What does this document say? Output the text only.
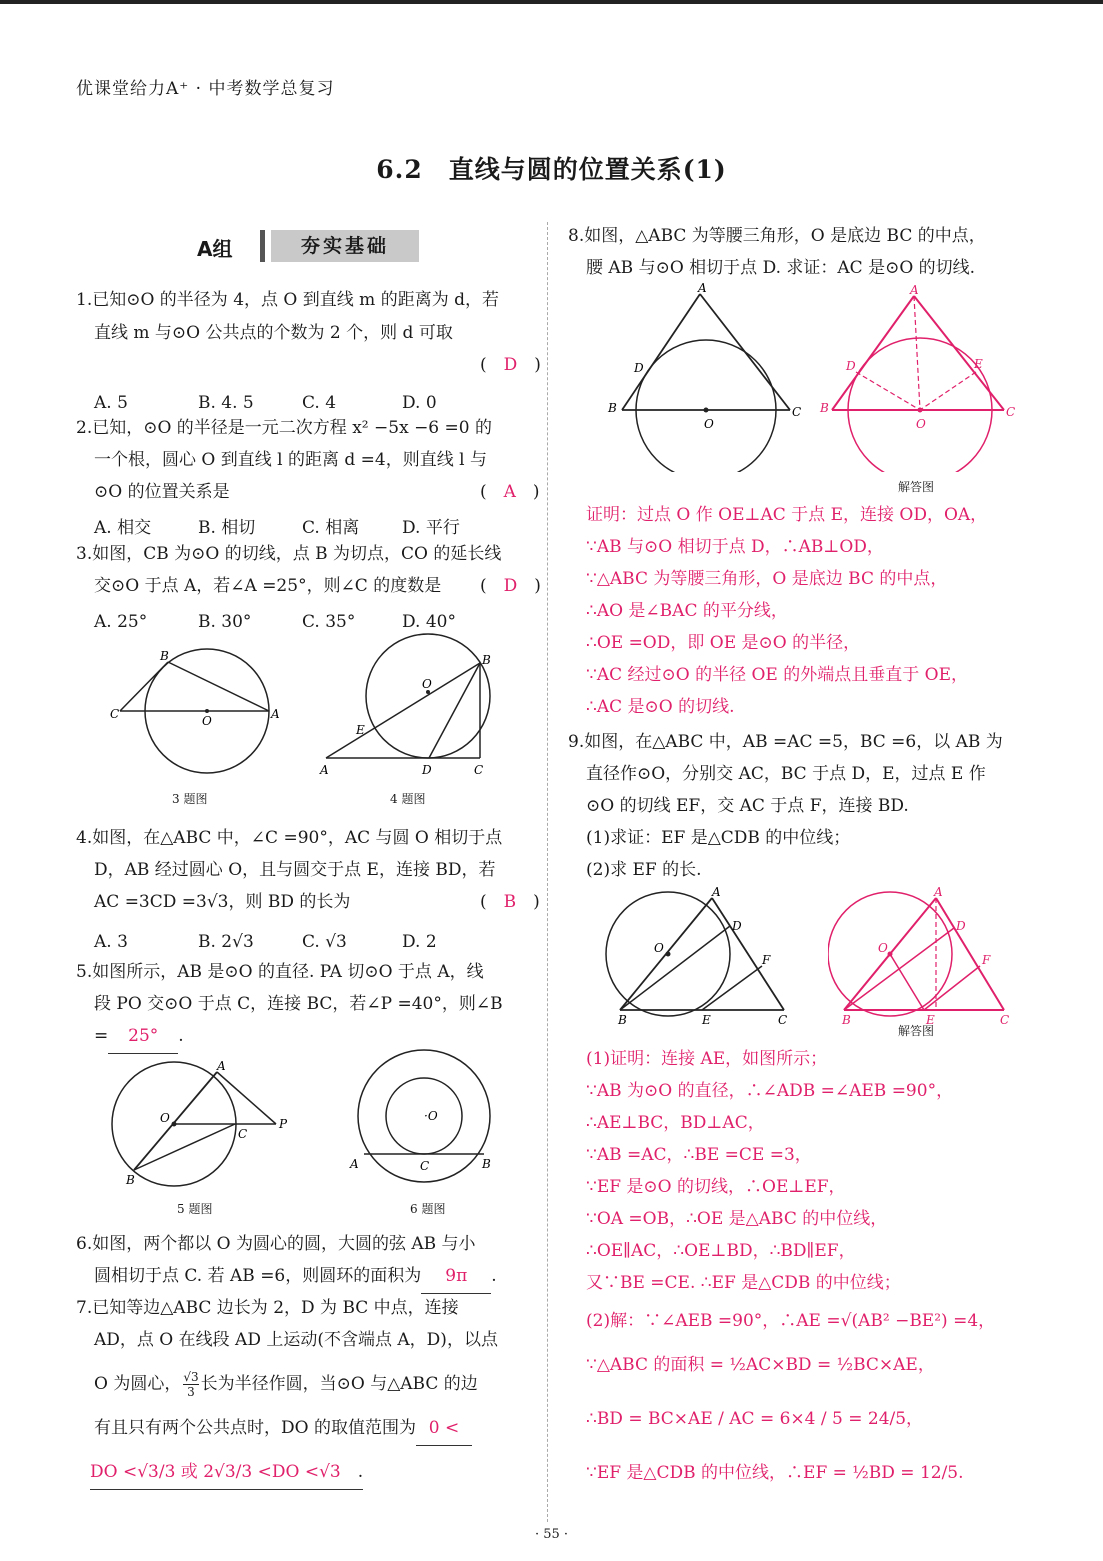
优课堂给力A⁺ · 中考数学总复习
6.2　直线与圆的位置关系(1)
A组	夯实基础
1.已知⊙O 的半径为 4，点 O 到直线 m 的距离为 d，若
直线 m 与⊙O 公共点的个数为 2 个，则 d 可取
(　D　)
A. 5	B. 4. 5	C. 4	D. 0
2.已知，⊙O 的半径是一元二次方程 x² −5x −6 =0 的
一个根，圆心 O 到直线 l 的距离 d =4，则直线 l 与
⊙O 的位置关系是	(　A　)
A. 相交	B. 相切	C. 相离	D. 平行
3.如图，CB 为⊙O 的切线，点 B 为切点，CO 的延长线
交⊙O 于点 A，若∠A =25°，则∠C 的度数是 (　D　)
A. 25°	B. 30°	C. 35°	D. 40°
B
C	O	A
3 题图
B
O
E
A	D	C
4 题图
4.如图，在△ABC 中，∠C =90°，AC 与圆 O 相切于点
D，AB 经过圆心 O，且与圆交于点 E，连接 BD，若
AC =3CD =3√3，则 BD 的长为	(　B　)
A. 3	B. 2√3	C. √3	D. 2
5.如图所示，AB 是⊙O 的直径. PA 切⊙O 于点 A，线
段 PO 交⊙O 于点 C，连接 BC，若∠P =40°，则∠B
= 25° .
A
O
C
P
B
5 题图
·O
A	C	B
6 题图
6.如图，两个都以 O 为圆心的圆，大圆的弦 AB 与小
圆相切于点 C. 若 AB =6，则圆环的面积为 9π .
7.已知等边△ABC 边长为 2，D 为 BC 中点，连接
AD，点 O 在线段 AD 上运动(不含端点 A，D)，以点
O 为圆心， $\frac{√3}{3}$ 长为半径作圆，当⊙O 与△ABC 的边
有且只有两个公共点时，DO 的取值范围为 0 <
DO <√3/3 或 2√3/3 <DO <√3　 .
8.如图，△ABC 为等腰三角形，O 是底边 BC 的中点，
腰 AB 与⊙O 相切于点 D. 求证：AC 是⊙O 的切线.
A
D
B
O
C
A
D	E
B
O
C
解答图
证明：过点 O 作 OE⊥AC 于点 E，连接 OD，OA，
∵AB 与⊙O 相切于点 D，∴AB⊥OD，
∵△ABC 为等腰三角形，O 是底边 BC 的中点，
∴AO 是∠BAC 的平分线，
∴OE =OD，即 OE 是⊙O 的半径，
∵AC 经过⊙O 的半径 OE 的外端点且垂直于 OE，
∴AC 是⊙O 的切线.
9.如图，在△ABC 中，AB =AC =5，BC =6，以 AB 为
直径作⊙O，分别交 AC，BC 于点 D，E，过点 E 作
⊙O 的切线 EF，交 AC 于点 F，连接 BD.
(1)求证：EF 是△CDB 的中位线；
(2)求 EF 的长.
A
D
O
F
B	E	C
A
D
O
F
B	E	C
解答图
(1)证明：连接 AE，如图所示；
∵AB 为⊙O 的直径，∴∠ADB =∠AEB =90°，
∴AE⊥BC，BD⊥AC，
∵AB =AC，∴BE =CE =3，
∵EF 是⊙O 的切线，∴OE⊥EF，
∵OA =OB，∴OE 是△ABC 的中位线，
∴OE∥AC，∴OE⊥BD，∴BD∥EF，
又∵BE =CE. ∴EF 是△CDB 的中位线；
(2)解：∵∠AEB =90°，∴AE =√(AB² −BE²) =4，
∵△ABC 的面积 = ½AC×BD = ½BC×AE，
∴BD = BC×AE / AC = 6×4 / 5 = 24/5，
∵EF 是△CDB 的中位线，∴EF = ½BD = 12/5.
· 55 ·
